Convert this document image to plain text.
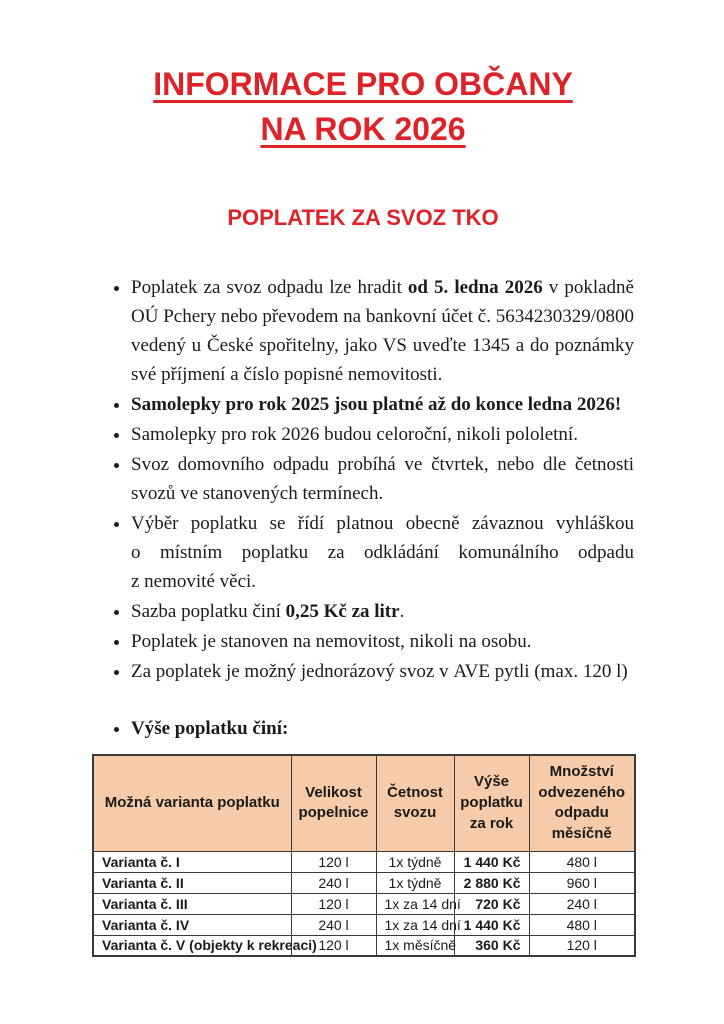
INFORMACE PRO OBČANY
NA ROK 2026
POPLATEK ZA SVOZ TKO
• Poplatek za svoz odpadu lze hradit od 5. ledna 2026 v pokladně OÚ Pchery nebo převodem na bankovní účet č. 5634230329/0800 vedený u České spořitelny, jako VS uveďte 1345 a do poznámky své příjmení a číslo popisné nemovitosti.
• Samolepky pro rok 2025 jsou platné až do konce ledna 2026!
• Samolepky pro rok 2026 budou celoroční, nikoli pololetní.
• Svoz domovního odpadu probíhá ve čtvrtek, nebo dle četnosti svozů ve stanovených termínech.
• Výběr poplatku se řídí platnou obecně závaznou vyhláškou o místním poplatku za odkládání komunálního odpadu z nemovité věci.
• Sazba poplatku činí 0,25 Kč za litr.
• Poplatek je stanoven na nemovitost, nikoli na osobu.
• Za poplatek je možný jednorázový svoz v AVE pytli (max. 120 l)
• Výše poplatku činí:
Možná varianta poplatku	Velikost popelnice	Četnost svozu	Výše poplatku za rok	Množství odvezeného odpadu měsíčně
Varianta č. I	120 l	1x týdně	1 440 Kč	480 l
Varianta č. II	240 l	1x týdně	2 880 Kč	960 l
Varianta č. III	120 l	1x za 14 dní	720 Kč	240 l
Varianta č. IV	240 l	1x za 14 dní	1 440 Kč	480 l
Varianta č. V (objekty k rekreaci)	120 l	1x měsíčně	360 Kč	120 l
